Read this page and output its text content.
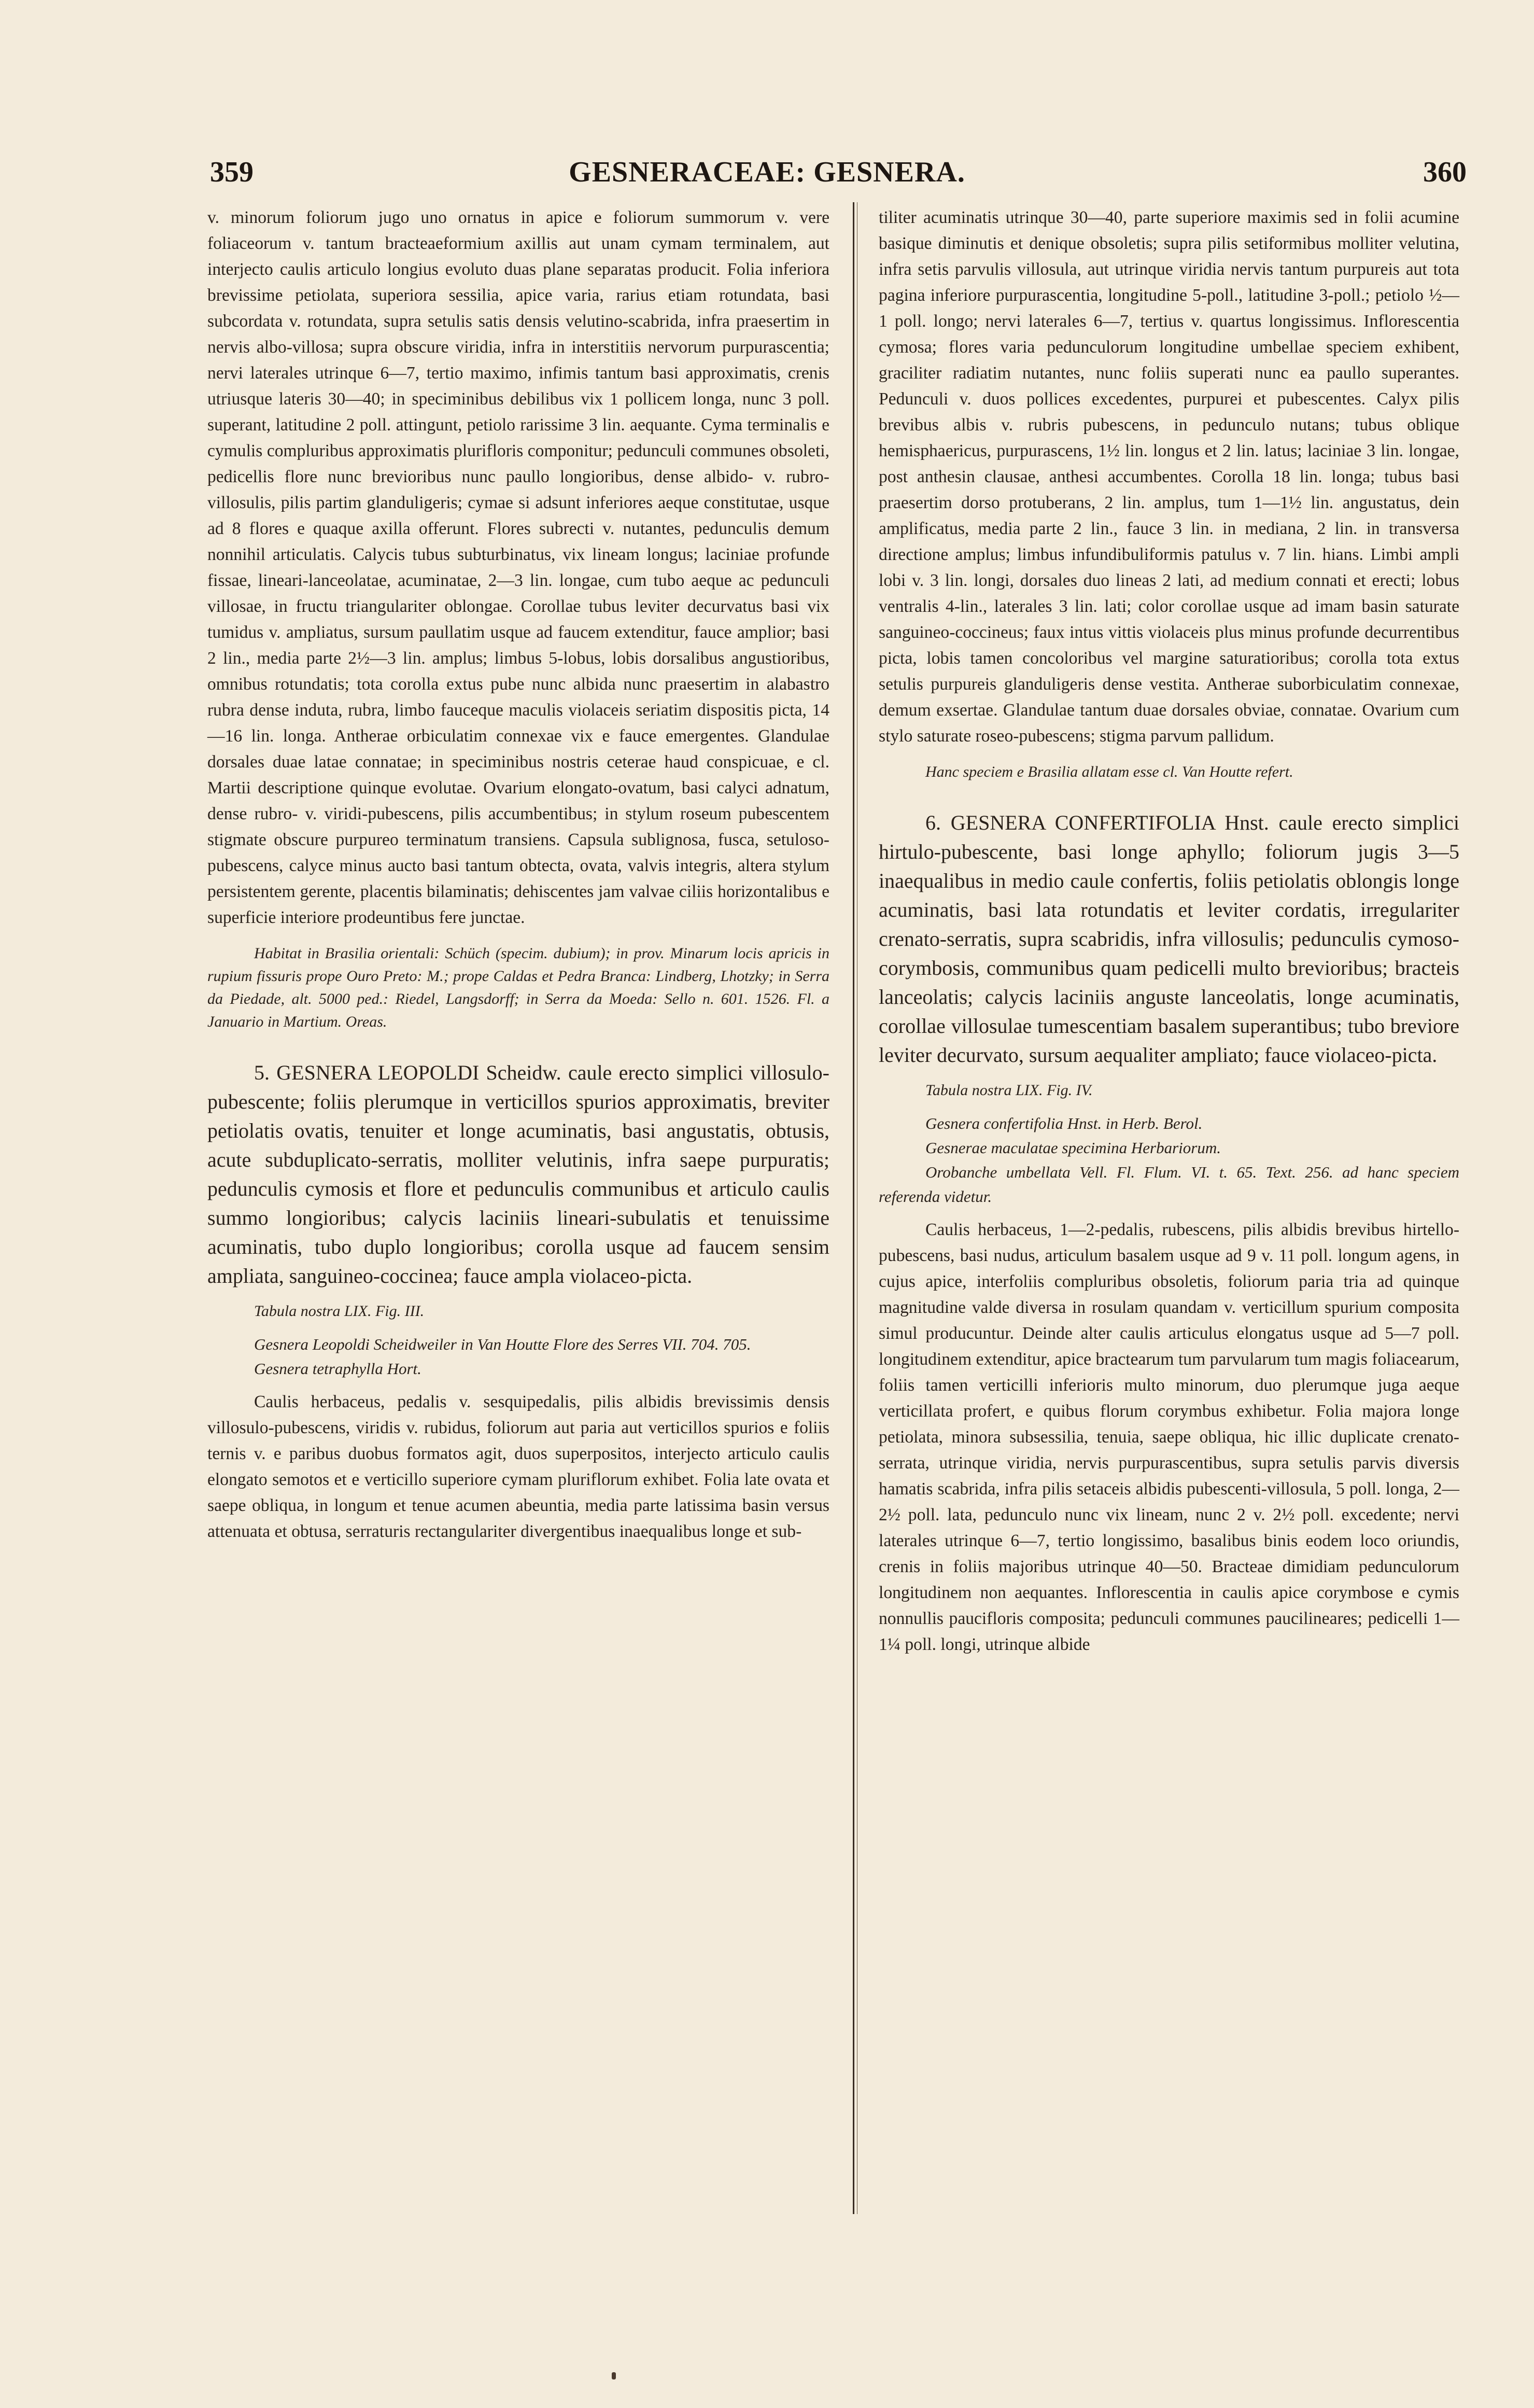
359	GESNERACEAE: GESNERA.	360

v. minorum foliorum jugo uno ornatus in apice e foliorum summorum v. vere foliaceorum v. tantum bracteaeformium axillis aut unam cymam terminalem, aut interjecto caulis articulo longius evoluto duas plane separatas producit. Folia inferiora brevissime petiolata, superiora sessilia, apice varia, rarius etiam rotundata, basi subcordata v. rotundata, supra setulis satis densis velutino-scabrida, infra praesertim in nervis albo-villosa; supra obscure viridia, infra in interstitiis nervorum purpurascentia; nervi laterales utrinque 6—7, tertio maximo, infimis tantum basi approximatis, crenis utriusque lateris 30—40; in speciminibus debilibus vix 1 pollicem longa, nunc 3 poll. superant, latitudine 2 poll. attingunt, petiolo rarissime 3 lin. aequante. Cyma terminalis e cymulis compluribus approximatis plurifloris componitur; pedunculi communes obsoleti, pedicellis flore nunc brevioribus nunc paullo longioribus, dense albido- v. rubro-villosulis, pilis partim glanduligeris; cymae si adsunt inferiores aeque constitutae, usque ad 8 flores e quaque axilla offerunt. Flores subrecti v. nutantes, pedunculis demum nonnihil articulatis. Calycis tubus subturbinatus, vix lineam longus; laciniae profunde fissae, lineari-lanceolatae, acuminatae, 2—3 lin. longae, cum tubo aeque ac pedunculi villosae, in fructu triangulariter oblongae. Corollae tubus leviter decurvatus basi vix tumidus v. ampliatus, sursum paullatim usque ad faucem extenditur, fauce amplior; basi 2 lin., media parte 2½—3 lin. amplus; limbus 5-lobus, lobis dorsalibus angustioribus, omnibus rotundatis; tota corolla extus pube nunc albida nunc praesertim in alabastro rubra dense induta, rubra, limbo fauceque maculis violaceis seriatim dispositis picta, 14—16 lin. longa. Antherae orbiculatim connexae vix e fauce emergentes. Glandulae dorsales duae latae connatae; in speciminibus nostris ceterae haud conspicuae, e cl. Martii descriptione quinque evolutae. Ovarium elongato-ovatum, basi calyci adnatum, dense rubro- v. viridi-pubescens, pilis accumbentibus; in stylum roseum pubescentem stigmate obscure purpureo terminatum transiens. Capsula sublignosa, fusca, setuloso-pubescens, calyce minus aucto basi tantum obtecta, ovata, valvis integris, altera stylum persistentem gerente, placentis bilaminatis; dehiscentes jam valvae ciliis horizontalibus e superficie interiore prodeuntibus fere junctae.

Habitat in Brasilia orientali: Schüch (specim. dubium); in prov. Minarum locis apricis in rupium fissuris prope Ouro Preto: M.; prope Caldas et Pedra Branca: Lindberg, Lhotzky; in Serra da Piedade, alt. 5000 ped.: Riedel, Langsdorff; in Serra da Moeda: Sello n. 601. 1526. Fl. a Januario in Martium. Oreas.

5. GESNERA LEOPOLDI Scheidw. caule erecto simplici villosulo-pubescente; foliis plerumque in verticillos spurios approximatis, breviter petiolatis ovatis, tenuiter et longe acuminatis, basi angustatis, obtusis, acute subduplicato-serratis, molliter velutinis, infra saepe purpuratis; pedunculis cymosis et flore et pedunculis communibus et articulo caulis summo longioribus; calycis laciniis lineari-subulatis et tenuissime acuminatis, tubo duplo longioribus; corolla usque ad faucem sensim ampliata, sanguineo-coccinea; fauce ampla violaceo-picta.

Tabula nostra LIX. Fig. III.

Gesnera Leopoldi Scheidweiler in Van Houtte Flore des Serres VII. 704. 705.

Gesnera tetraphylla Hort.

Caulis herbaceus, pedalis v. sesquipedalis, pilis albidis brevissimis densis villosulo-pubescens, viridis v. rubidus, foliorum aut paria aut verticillos spurios e foliis ternis v. e paribus duobus formatos agit, duos superpositos, interjecto articulo caulis elongato semotos et e verticillo superiore cymam pluriflorum exhibet. Folia late ovata et saepe obliqua, in longum et tenue acumen abeuntia, media parte latissima basin versus attenuata et obtusa, serraturis rectangulariter divergentibus inaequalibus longe et sub-

tiliter acuminatis utrinque 30—40, parte superiore maximis sed in folii acumine basique diminutis et denique obsoletis; supra pilis setiformibus molliter velutina, infra setis parvulis villosula, aut utrinque viridia nervis tantum purpureis aut tota pagina inferiore purpurascentia, longitudine 5-poll., latitudine 3-poll.; petiolo ½—1 poll. longo; nervi laterales 6—7, tertius v. quartus longissimus. Inflorescentia cymosa; flores varia pedunculorum longitudine umbellae speciem exhibent, graciliter radiatim nutantes, nunc foliis superati nunc ea paullo superantes. Pedunculi v. duos pollices excedentes, purpurei et pubescentes. Calyx pilis brevibus albis v. rubris pubescens, in pedunculo nutans; tubus oblique hemisphaericus, purpurascens, 1½ lin. longus et 2 lin. latus; laciniae 3 lin. longae, post anthesin clausae, anthesi accumbentes. Corolla 18 lin. longa; tubus basi praesertim dorso protuberans, 2 lin. amplus, tum 1—1½ lin. angustatus, dein amplificatus, media parte 2 lin., fauce 3 lin. in mediana, 2 lin. in transversa directione amplus; limbus infundibuliformis patulus v. 7 lin. hians. Limbi ampli lobi v. 3 lin. longi, dorsales duo lineas 2 lati, ad medium connati et erecti; lobus ventralis 4-lin., laterales 3 lin. lati; color corollae usque ad imam basin saturate sanguineo-coccineus; faux intus vittis violaceis plus minus profunde decurrentibus picta, lobis tamen concoloribus vel margine saturatioribus; corolla tota extus setulis purpureis glanduligeris dense vestita. Antherae suborbiculatim connexae, demum exsertae. Glandulae tantum duae dorsales obviae, connatae. Ovarium cum stylo saturate roseo-pubescens; stigma parvum pallidum.

Hanc speciem e Brasilia allatam esse cl. Van Houtte refert.

6. GESNERA CONFERTIFOLIA Hnst. caule erecto simplici hirtulo-pubescente, basi longe aphyllo; foliorum jugis 3—5 inaequalibus in medio caule confertis, foliis petiolatis oblongis longe acuminatis, basi lata rotundatis et leviter cordatis, irregulariter crenato-serratis, supra scabridis, infra villosulis; pedunculis cymoso-corymbosis, communibus quam pedicelli multo brevioribus; bracteis lanceolatis; calycis laciniis anguste lanceolatis, longe acuminatis, corollae villosulae tumescentiam basalem superantibus; tubo breviore leviter decurvato, sursum aequaliter ampliato; fauce violaceo-picta.

Tabula nostra LIX. Fig. IV.

Gesnera confertifolia Hnst. in Herb. Berol.

Gesnerae maculatae specimina Herbariorum.

Orobanche umbellata Vell. Fl. Flum. VI. t. 65. Text. 256. ad hanc speciem referenda videtur.

Caulis herbaceus, 1—2-pedalis, rubescens, pilis albidis brevibus hirtello-pubescens, basi nudus, articulum basalem usque ad 9 v. 11 poll. longum agens, in cujus apice, interfoliis compluribus obsoletis, foliorum paria tria ad quinque magnitudine valde diversa in rosulam quandam v. verticillum spurium composita simul producuntur. Deinde alter caulis articulus elongatus usque ad 5—7 poll. longitudinem extenditur, apice bractearum tum parvularum tum magis foliacearum, foliis tamen verticilli inferioris multo minorum, duo plerumque juga aeque verticillata profert, e quibus florum corymbus exhibetur. Folia majora longe petiolata, minora subsessilia, tenuia, saepe obliqua, hic illic duplicate crenato-serrata, utrinque viridia, nervis purpurascentibus, supra setulis parvis diversis hamatis scabrida, infra pilis setaceis albidis pubescenti-villosula, 5 poll. longa, 2—2½ poll. lata, pedunculo nunc vix lineam, nunc 2 v. 2½ poll. excedente; nervi laterales utrinque 6—7, tertio longissimo, basalibus binis eodem loco oriundis, crenis in foliis majoribus utrinque 40—50. Bracteae dimidiam pedunculorum longitudinem non aequantes. Inflorescentia in caulis apice corymbose e cymis nonnullis paucifloris composita; pedunculi communes paucilineares; pedicelli 1—1¼ poll. longi, utrinque albide
